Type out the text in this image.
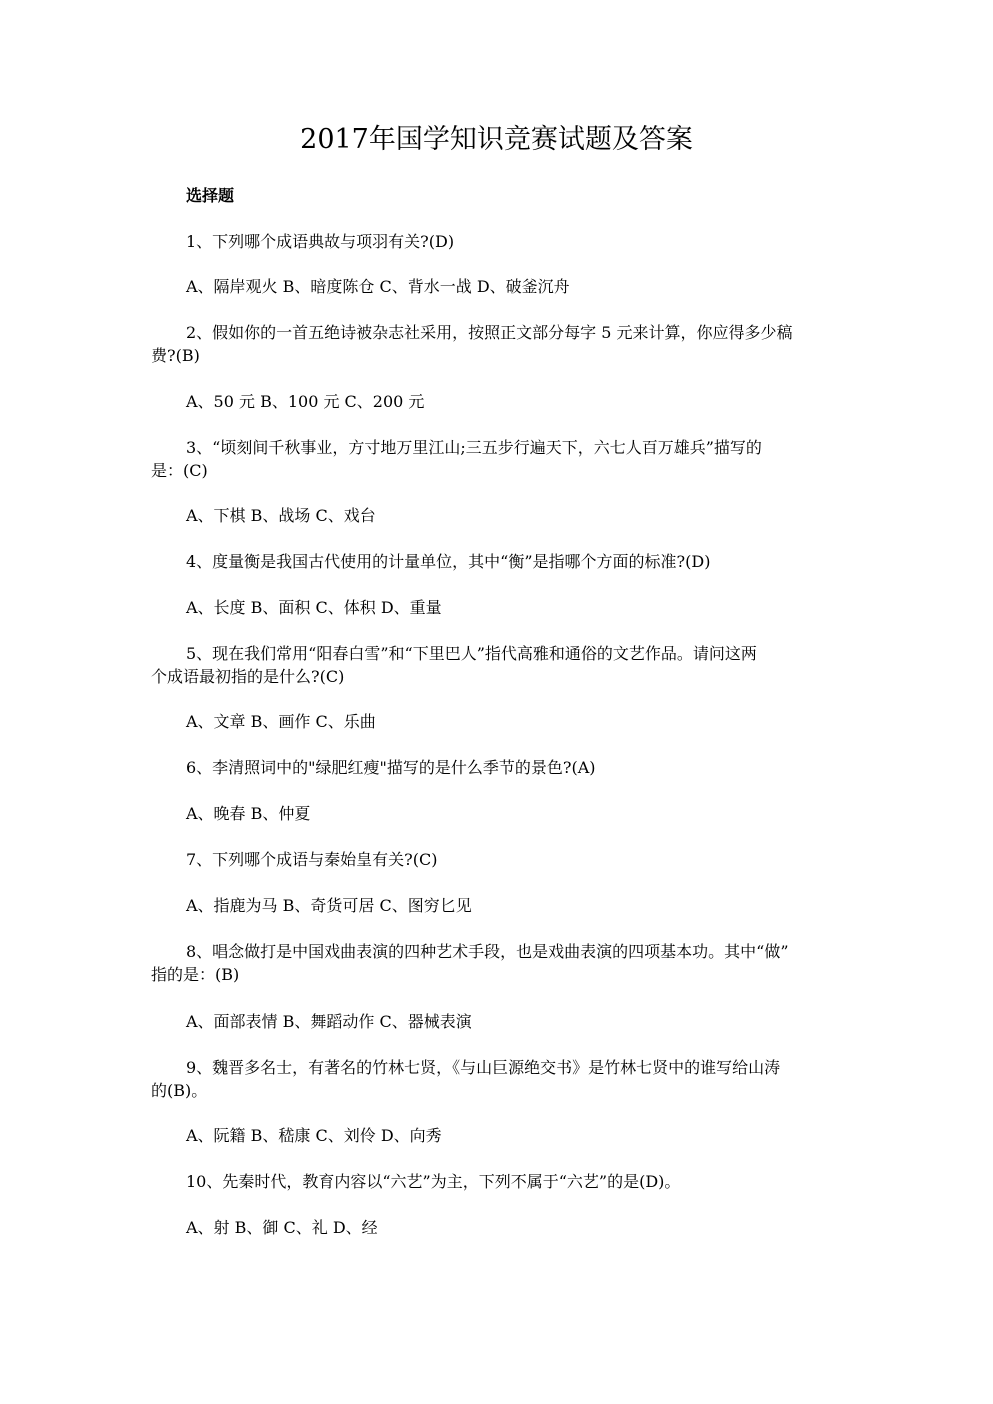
2017年国学知识竞赛试题及答案
选择题
1、下列哪个成语典故与项羽有关?(D)
A、隔岸观火 B、暗度陈仓 C、背水一战 D、破釜沉舟
2、假如你的一首五绝诗被杂志社采用，按照正文部分每字 5 元来计算，你应得多少稿
费?(B)
A、50 元 B、100 元 C、200 元
3、“顷刻间千秋事业，方寸地万里江山;三五步行遍天下，六七人百万雄兵”描写的
是：(C)
A、下棋 B、战场 C、戏台
4、度量衡是我国古代使用的计量单位，其中“衡”是指哪个方面的标准?(D)
A、长度 B、面积 C、体积 D、重量
5、现在我们常用“阳春白雪”和“下里巴人”指代高雅和通俗的文艺作品。请问这两
个成语最初指的是什么?(C)
A、文章 B、画作 C、乐曲
6、李清照词中的"绿肥红瘦"描写的是什么季节的景色?(A)
A、晚春 B、仲夏
7、下列哪个成语与秦始皇有关?(C)
A、指鹿为马 B、奇货可居 C、图穷匕见
8、唱念做打是中国戏曲表演的四种艺术手段，也是戏曲表演的四项基本功。其中“做”
指的是：(B)
A、面部表情 B、舞蹈动作 C、器械表演
9、魏晋多名士，有著名的竹林七贤，《与山巨源绝交书》是竹林七贤中的谁写给山涛
的(B)。
A、阮籍 B、嵇康 C、刘伶 D、向秀
10、先秦时代，教育内容以“六艺”为主，下列不属于“六艺”的是(D)。
A、射 B、御 C、礼 D、经
